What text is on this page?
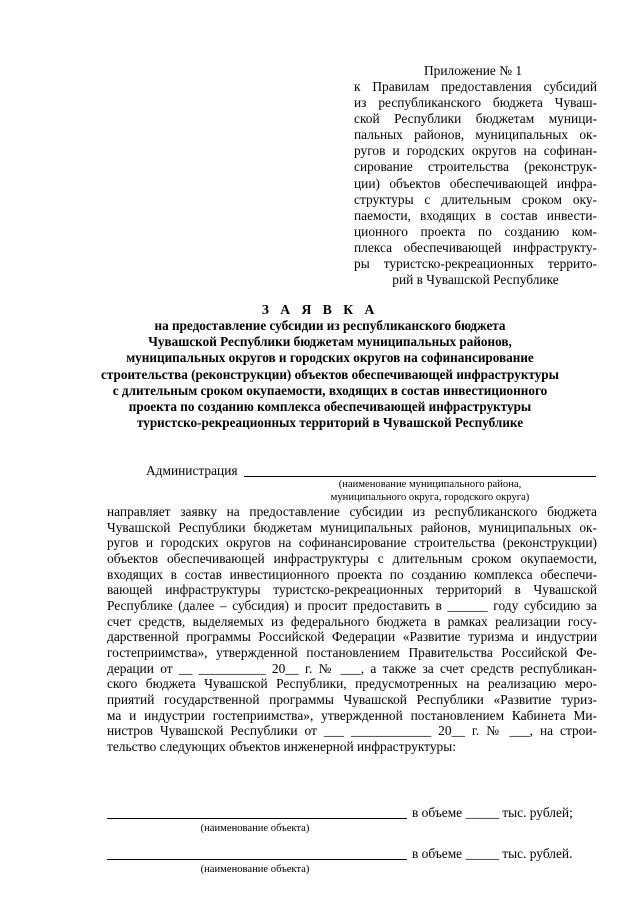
Приложение № 1
к Правилам предоставления субсидий
из республиканского бюджета Чуваш-
ской Республики бюджетам муници-
пальных районов, муниципальных ок-
ругов и городских округов на софинан-
сирование строительства (реконструк-
ции) объектов обеспечивающей инфра-
структуры с длительным сроком оку-
паемости, входящих в состав инвести-
ционного проекта по созданию ком-
плекса обеспечивающей инфраструкту-
ры туристско-рекреационных террито-
рий в Чувашской Республике
З А Я В К А
на предоставление субсидии из республиканского бюджета
Чувашской Республики бюджетам муниципальных районов,
муниципальных округов и городских округов на софинансирование
строительства (реконструкции) объектов обеспечивающей инфраструктуры
с длительным сроком окупаемости, входящих в состав инвестиционного
проекта по созданию комплекса обеспечивающей инфраструктуры
туристско-рекреационных территорий в Чувашской Республике
Администрация
(наименование муниципального района,
муниципального округа, городского округа)
направляет заявку на предоставление субсидии из республиканского бюджета
Чувашской Республики бюджетам муниципальных районов, муниципальных ок-
ругов и городских округов на софинансирование строительства (реконструкции)
объектов обеспечивающей инфраструктуры с длительным сроком окупаемости,
входящих в состав инвестиционного проекта по созданию комплекса обеспечи-
вающей инфраструктуры туристско-рекреационных территорий в Чувашской
Республике (далее – субсидия) и просит предоставить в ______ году субсидию за
счет средств, выделяемых из федерального бюджета в рамках реализации госу-
дарственной программы Российской Федерации «Развитие туризма и индустрии
гостеприимства», утвержденной постановлением Правительства Российской Фе-
дерации от __ __________ 20__ г. № ___, а также за счет средств республикан-
ского бюджета Чувашской Республики, предусмотренных на реализацию меро-
приятий государственной программы Чувашской Республики «Развитие туриз-
ма и индустрии гостеприимства», утвержденной постановлением Кабинета Ми-
нистров Чувашской Республики от ___ ____________ 20__ г. № ___, на строи-
тельство следующих объектов инженерной инфраструктуры:
в объеме _____ тыс. рублей;
(наименование объекта)
в объеме _____ тыс. рублей.
(наименование объекта)
